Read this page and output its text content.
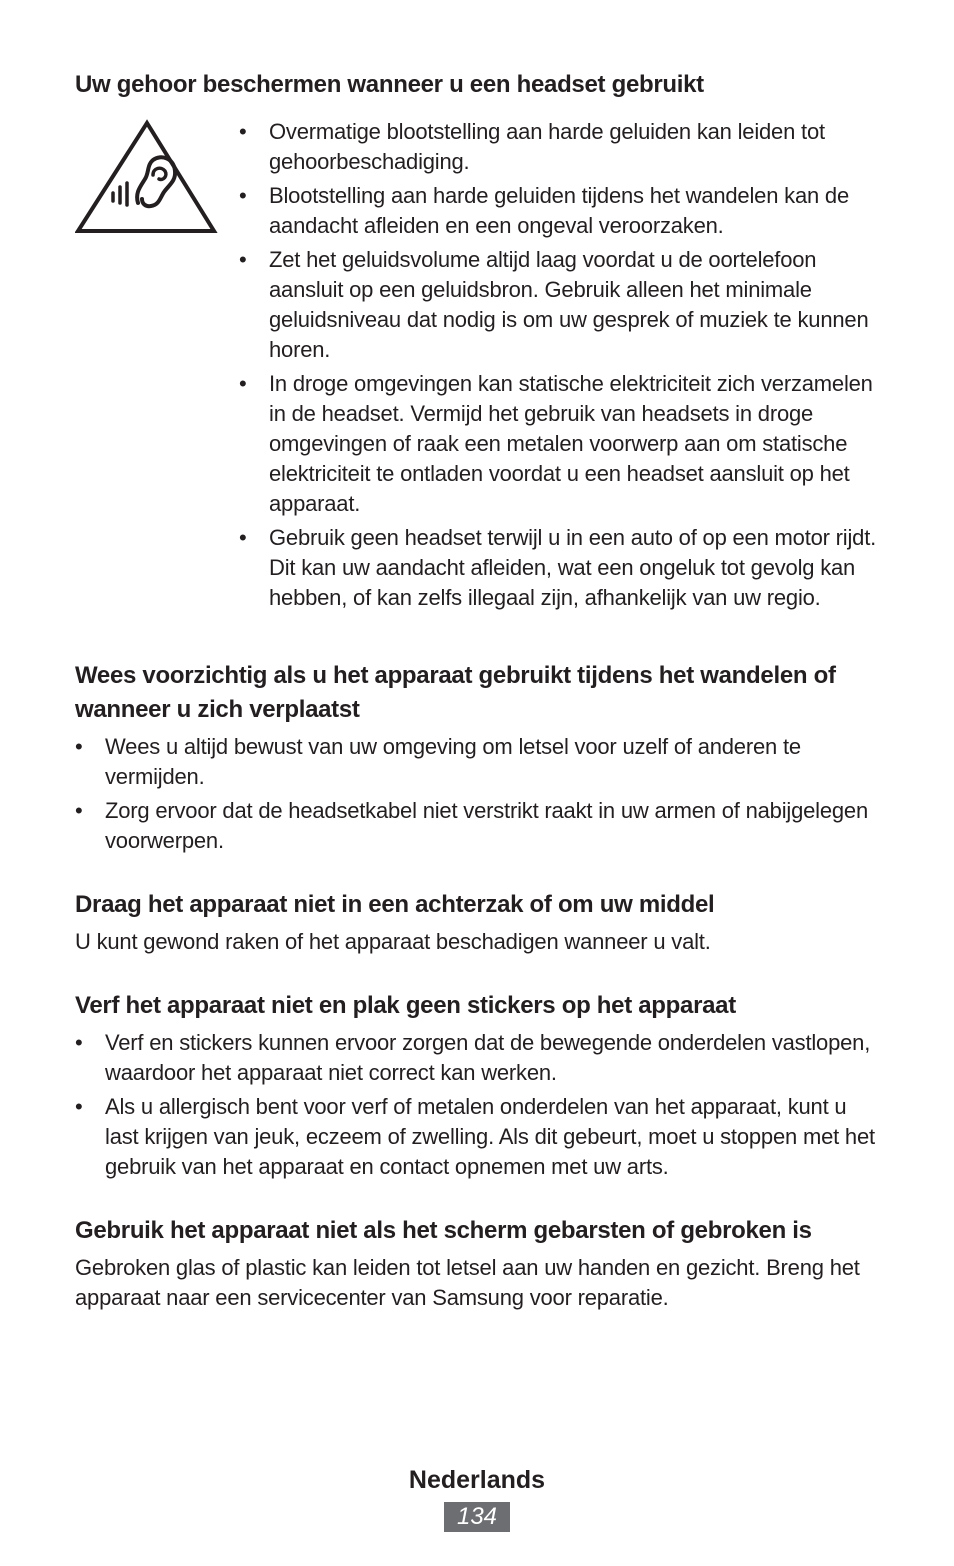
Uw gehoor beschermen wanneer u een headset gebruikt
• Overmatige blootstelling aan harde geluiden kan leiden tot gehoorbeschadiging.
• Blootstelling aan harde geluiden tijdens het wandelen kan de aandacht afleiden en een ongeval veroorzaken.
• Zet het geluidsvolume altijd laag voordat u de oortelefoon aansluit op een geluidsbron. Gebruik alleen het minimale geluidsniveau dat nodig is om uw gesprek of muziek te kunnen horen.
• In droge omgevingen kan statische elektriciteit zich verzamelen in de headset. Vermijd het gebruik van headsets in droge omgevingen of raak een metalen voorwerp aan om statische elektriciteit te ontladen voordat u een headset aansluit op het apparaat.
• Gebruik geen headset terwijl u in een auto of op een motor rijdt. Dit kan uw aandacht afleiden, wat een ongeluk tot gevolg kan hebben, of kan zelfs illegaal zijn, afhankelijk van uw regio.
Wees voorzichtig als u het apparaat gebruikt tijdens het wandelen of wanneer u zich verplaatst
• Wees u altijd bewust van uw omgeving om letsel voor uzelf of anderen te vermijden.
• Zorg ervoor dat de headsetkabel niet verstrikt raakt in uw armen of nabijgelegen voorwerpen.
Draag het apparaat niet in een achterzak of om uw middel

U kunt gewond raken of het apparaat beschadigen wanneer u valt.

Verf het apparaat niet en plak geen stickers op het apparaat
• Verf en stickers kunnen ervoor zorgen dat de bewegende onderdelen vastlopen, waardoor het apparaat niet correct kan werken.
• Als u allergisch bent voor verf of metalen onderdelen van het apparaat, kunt u last krijgen van jeuk, eczeem of zwelling. Als dit gebeurt, moet u stoppen met het gebruik van het apparaat en contact opnemen met uw arts.
Gebruik het apparaat niet als het scherm gebarsten of gebroken is

Gebroken glas of plastic kan leiden tot letsel aan uw handen en gezicht. Breng het apparaat naar een servicecenter van Samsung voor reparatie.

Nederlands
134
